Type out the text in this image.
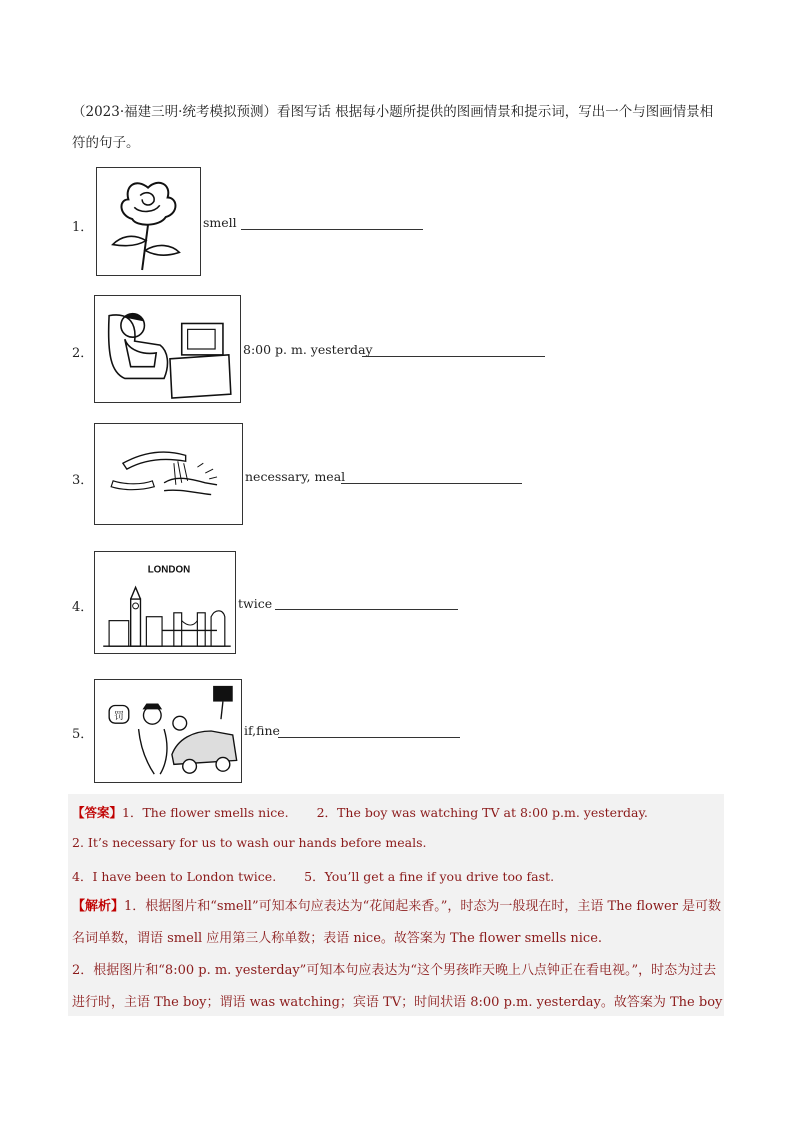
（2023·福建三明·统考模拟预测）看图写话 根据每小题所提供的图画情景和提示词，写出一个与图画情景相符的句子。
1．	smell
2．	8:00 p. m. yesterday
3．	necessary, meal
4．
LONDON
twice
5．
罚
if,fine
【答案】1．The flower smells nice. 2．The boy was watching TV at 8:00 p.m. yesterday.
2. It’s necessary for us to wash our hands before meals.
4．I have been to London twice. 5．You’ll get a fine if you drive too fast.
【解析】1．根据图片和“smell”可知本句应表达为“花闻起来香。”，时态为一般现在时，主语 The flower 是可数名词单数，谓语 smell 应用第三人称单数；表语 nice。故答案为 The flower smells nice.
2．根据图片和“8:00 p. m. yesterday”可知本句应表达为“这个男孩昨天晚上八点钟正在看电视。”，时态为过去进行时，主语 The boy；谓语 was watching；宾语 TV；时间状语 8:00 p.m. yesterday。故答案为 The boy
